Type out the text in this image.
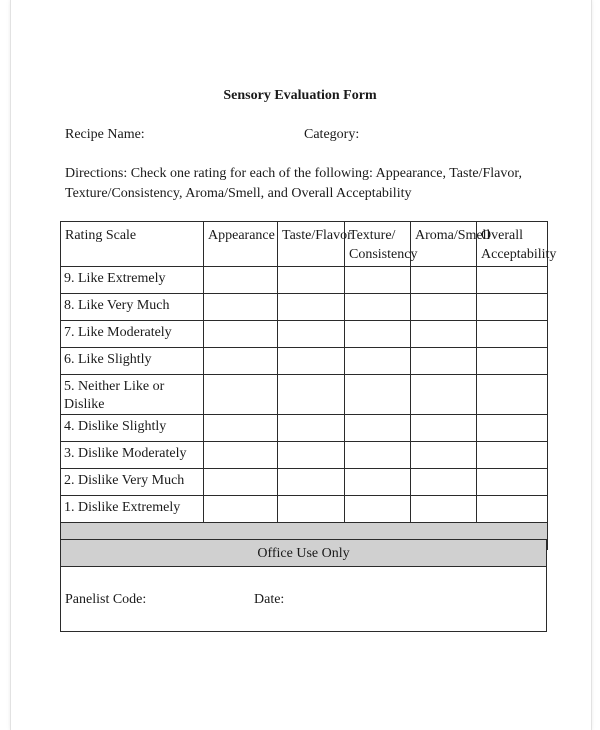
Sensory Evaluation Form
Recipe Name:	Category:
Directions: Check one rating for each of the following: Appearance, Taste/Flavor, Texture/Consistency, Aroma/Smell, and Overall Acceptability
Rating Scale	Appearance	Taste/Flavor	Texture/ Consistency	Aroma/Smell	Overall Acceptability
9. Like Extremely					
8. Like Very Much					
7. Like Moderately					
6. Like Slightly					
5. Neither Like or Dislike					
4. Dislike Slightly					
3. Dislike Moderately					
2. Dislike Very Much					
1. Dislike Extremely					

Office Use Only
Panelist Code:	Date:
